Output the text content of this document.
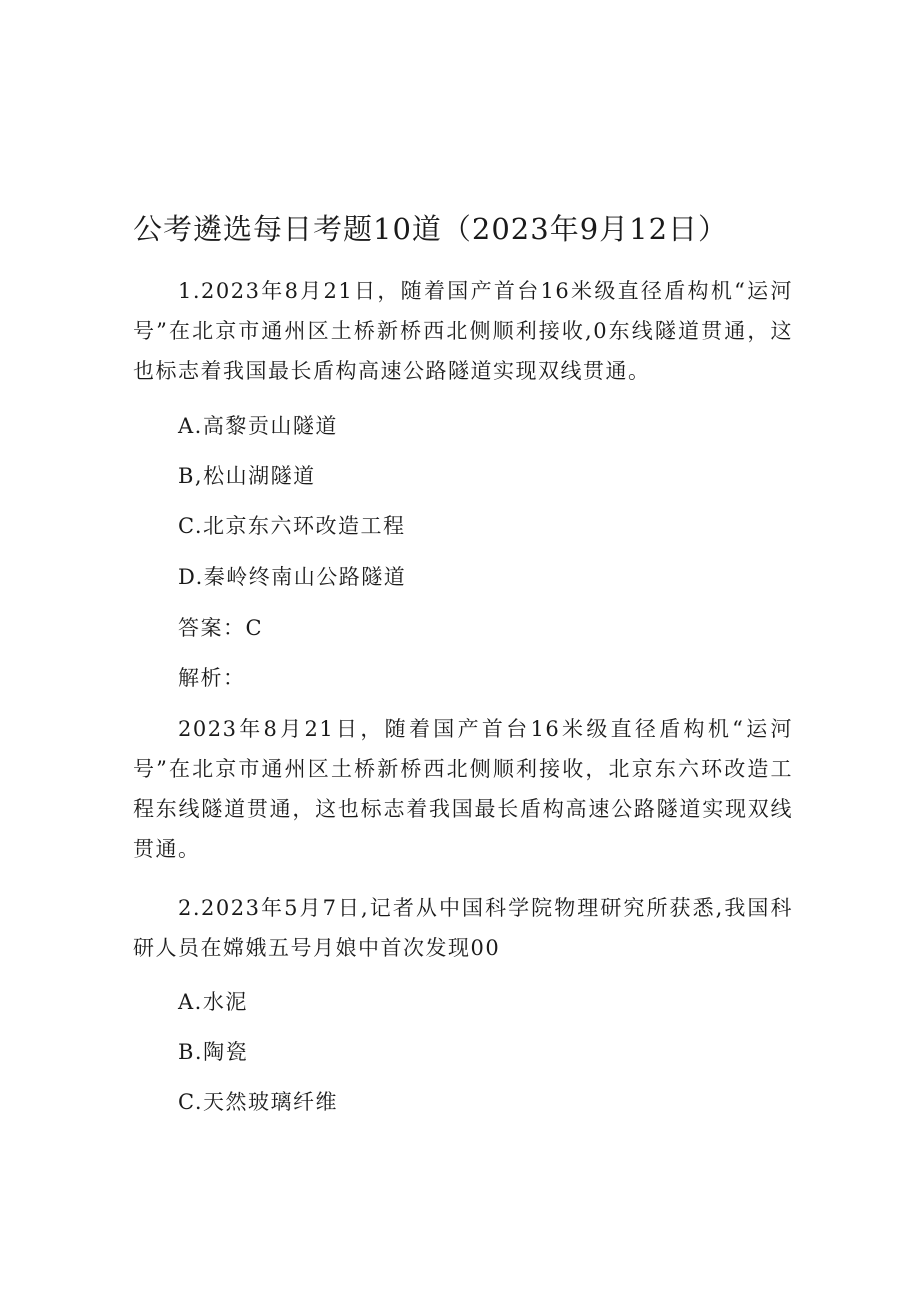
公考遴选每日考题10道（2023年9月12日）
1.2023年8月21日，随着国产首台16米级直径盾构机“运河号”在北京市通州区土桥新桥西北侧顺利接收,0东线隧道贯通，这也标志着我国最长盾构高速公路隧道实现双线贯通。
A.高黎贡山隧道
B,松山湖隧道
C.北京东六环改造工程
D.秦岭终南山公路隧道
答案：C
解析：
2023年8月21日，随着国产首台16米级直径盾构机“运河号”在北京市通州区土桥新桥西北侧顺利接收，北京东六环改造工程东线隧道贯通，这也标志着我国最长盾构高速公路隧道实现双线贯通。
2.2023年5月7日,记者从中国科学院物理研究所获悉,我国科研人员在嫦娥五号月娘中首次发现00
A.水泥
B.陶瓷
C.天然玻璃纤维
